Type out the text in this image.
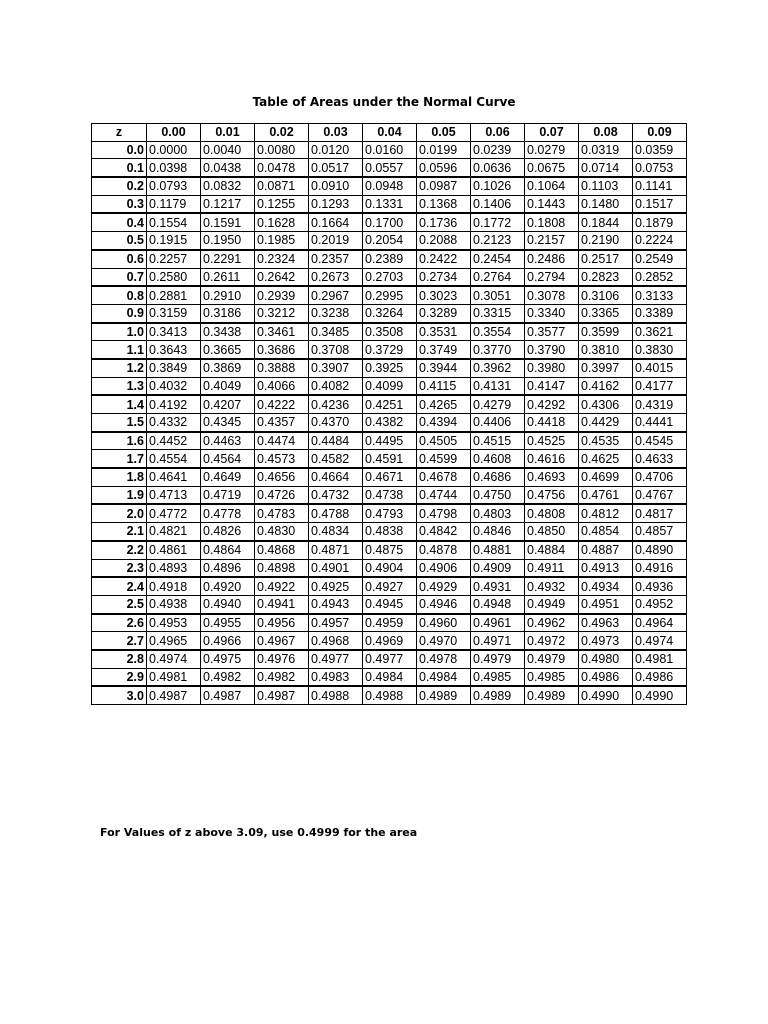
Table of Areas under the Normal Curve
z	0.00	0.01	0.02	0.03	0.04	0.05	0.06	0.07	0.08	0.09
0.0	0.0000	0.0040	0.0080	0.0120	0.0160	0.0199	0.0239	0.0279	0.0319	0.0359
0.1	0.0398	0.0438	0.0478	0.0517	0.0557	0.0596	0.0636	0.0675	0.0714	0.0753
0.2	0.0793	0.0832	0.0871	0.0910	0.0948	0.0987	0.1026	0.1064	0.1103	0.1141
0.3	0.1179	0.1217	0.1255	0.1293	0.1331	0.1368	0.1406	0.1443	0.1480	0.1517
0.4	0.1554	0.1591	0.1628	0.1664	0.1700	0.1736	0.1772	0.1808	0.1844	0.1879
0.5	0.1915	0.1950	0.1985	0.2019	0.2054	0.2088	0.2123	0.2157	0.2190	0.2224
0.6	0.2257	0.2291	0.2324	0.2357	0.2389	0.2422	0.2454	0.2486	0.2517	0.2549
0.7	0.2580	0.2611	0.2642	0.2673	0.2703	0.2734	0.2764	0.2794	0.2823	0.2852
0.8	0.2881	0.2910	0.2939	0.2967	0.2995	0.3023	0.3051	0.3078	0.3106	0.3133
0.9	0.3159	0.3186	0.3212	0.3238	0.3264	0.3289	0.3315	0.3340	0.3365	0.3389
1.0	0.3413	0.3438	0.3461	0.3485	0.3508	0.3531	0.3554	0.3577	0.3599	0.3621
1.1	0.3643	0.3665	0.3686	0.3708	0.3729	0.3749	0.3770	0.3790	0.3810	0.3830
1.2	0.3849	0.3869	0.3888	0.3907	0.3925	0.3944	0.3962	0.3980	0.3997	0.4015
1.3	0.4032	0.4049	0.4066	0.4082	0.4099	0.4115	0.4131	0.4147	0.4162	0.4177
1.4	0.4192	0.4207	0.4222	0.4236	0.4251	0.4265	0.4279	0.4292	0.4306	0.4319
1.5	0.4332	0.4345	0.4357	0.4370	0.4382	0.4394	0.4406	0.4418	0.4429	0.4441
1.6	0.4452	0.4463	0.4474	0.4484	0.4495	0.4505	0.4515	0.4525	0.4535	0.4545
1.7	0.4554	0.4564	0.4573	0.4582	0.4591	0.4599	0.4608	0.4616	0.4625	0.4633
1.8	0.4641	0.4649	0.4656	0.4664	0.4671	0.4678	0.4686	0.4693	0.4699	0.4706
1.9	0.4713	0.4719	0.4726	0.4732	0.4738	0.4744	0.4750	0.4756	0.4761	0.4767
2.0	0.4772	0.4778	0.4783	0.4788	0.4793	0.4798	0.4803	0.4808	0.4812	0.4817
2.1	0.4821	0.4826	0.4830	0.4834	0.4838	0.4842	0.4846	0.4850	0.4854	0.4857
2.2	0.4861	0.4864	0.4868	0.4871	0.4875	0.4878	0.4881	0.4884	0.4887	0.4890
2.3	0.4893	0.4896	0.4898	0.4901	0.4904	0.4906	0.4909	0.4911	0.4913	0.4916
2.4	0.4918	0.4920	0.4922	0.4925	0.4927	0.4929	0.4931	0.4932	0.4934	0.4936
2.5	0.4938	0.4940	0.4941	0.4943	0.4945	0.4946	0.4948	0.4949	0.4951	0.4952
2.6	0.4953	0.4955	0.4956	0.4957	0.4959	0.4960	0.4961	0.4962	0.4963	0.4964
2.7	0.4965	0.4966	0.4967	0.4968	0.4969	0.4970	0.4971	0.4972	0.4973	0.4974
2.8	0.4974	0.4975	0.4976	0.4977	0.4977	0.4978	0.4979	0.4979	0.4980	0.4981
2.9	0.4981	0.4982	0.4982	0.4983	0.4984	0.4984	0.4985	0.4985	0.4986	0.4986
3.0	0.4987	0.4987	0.4987	0.4988	0.4988	0.4989	0.4989	0.4989	0.4990	0.4990
For Values of z above 3.09, use 0.4999 for the area
